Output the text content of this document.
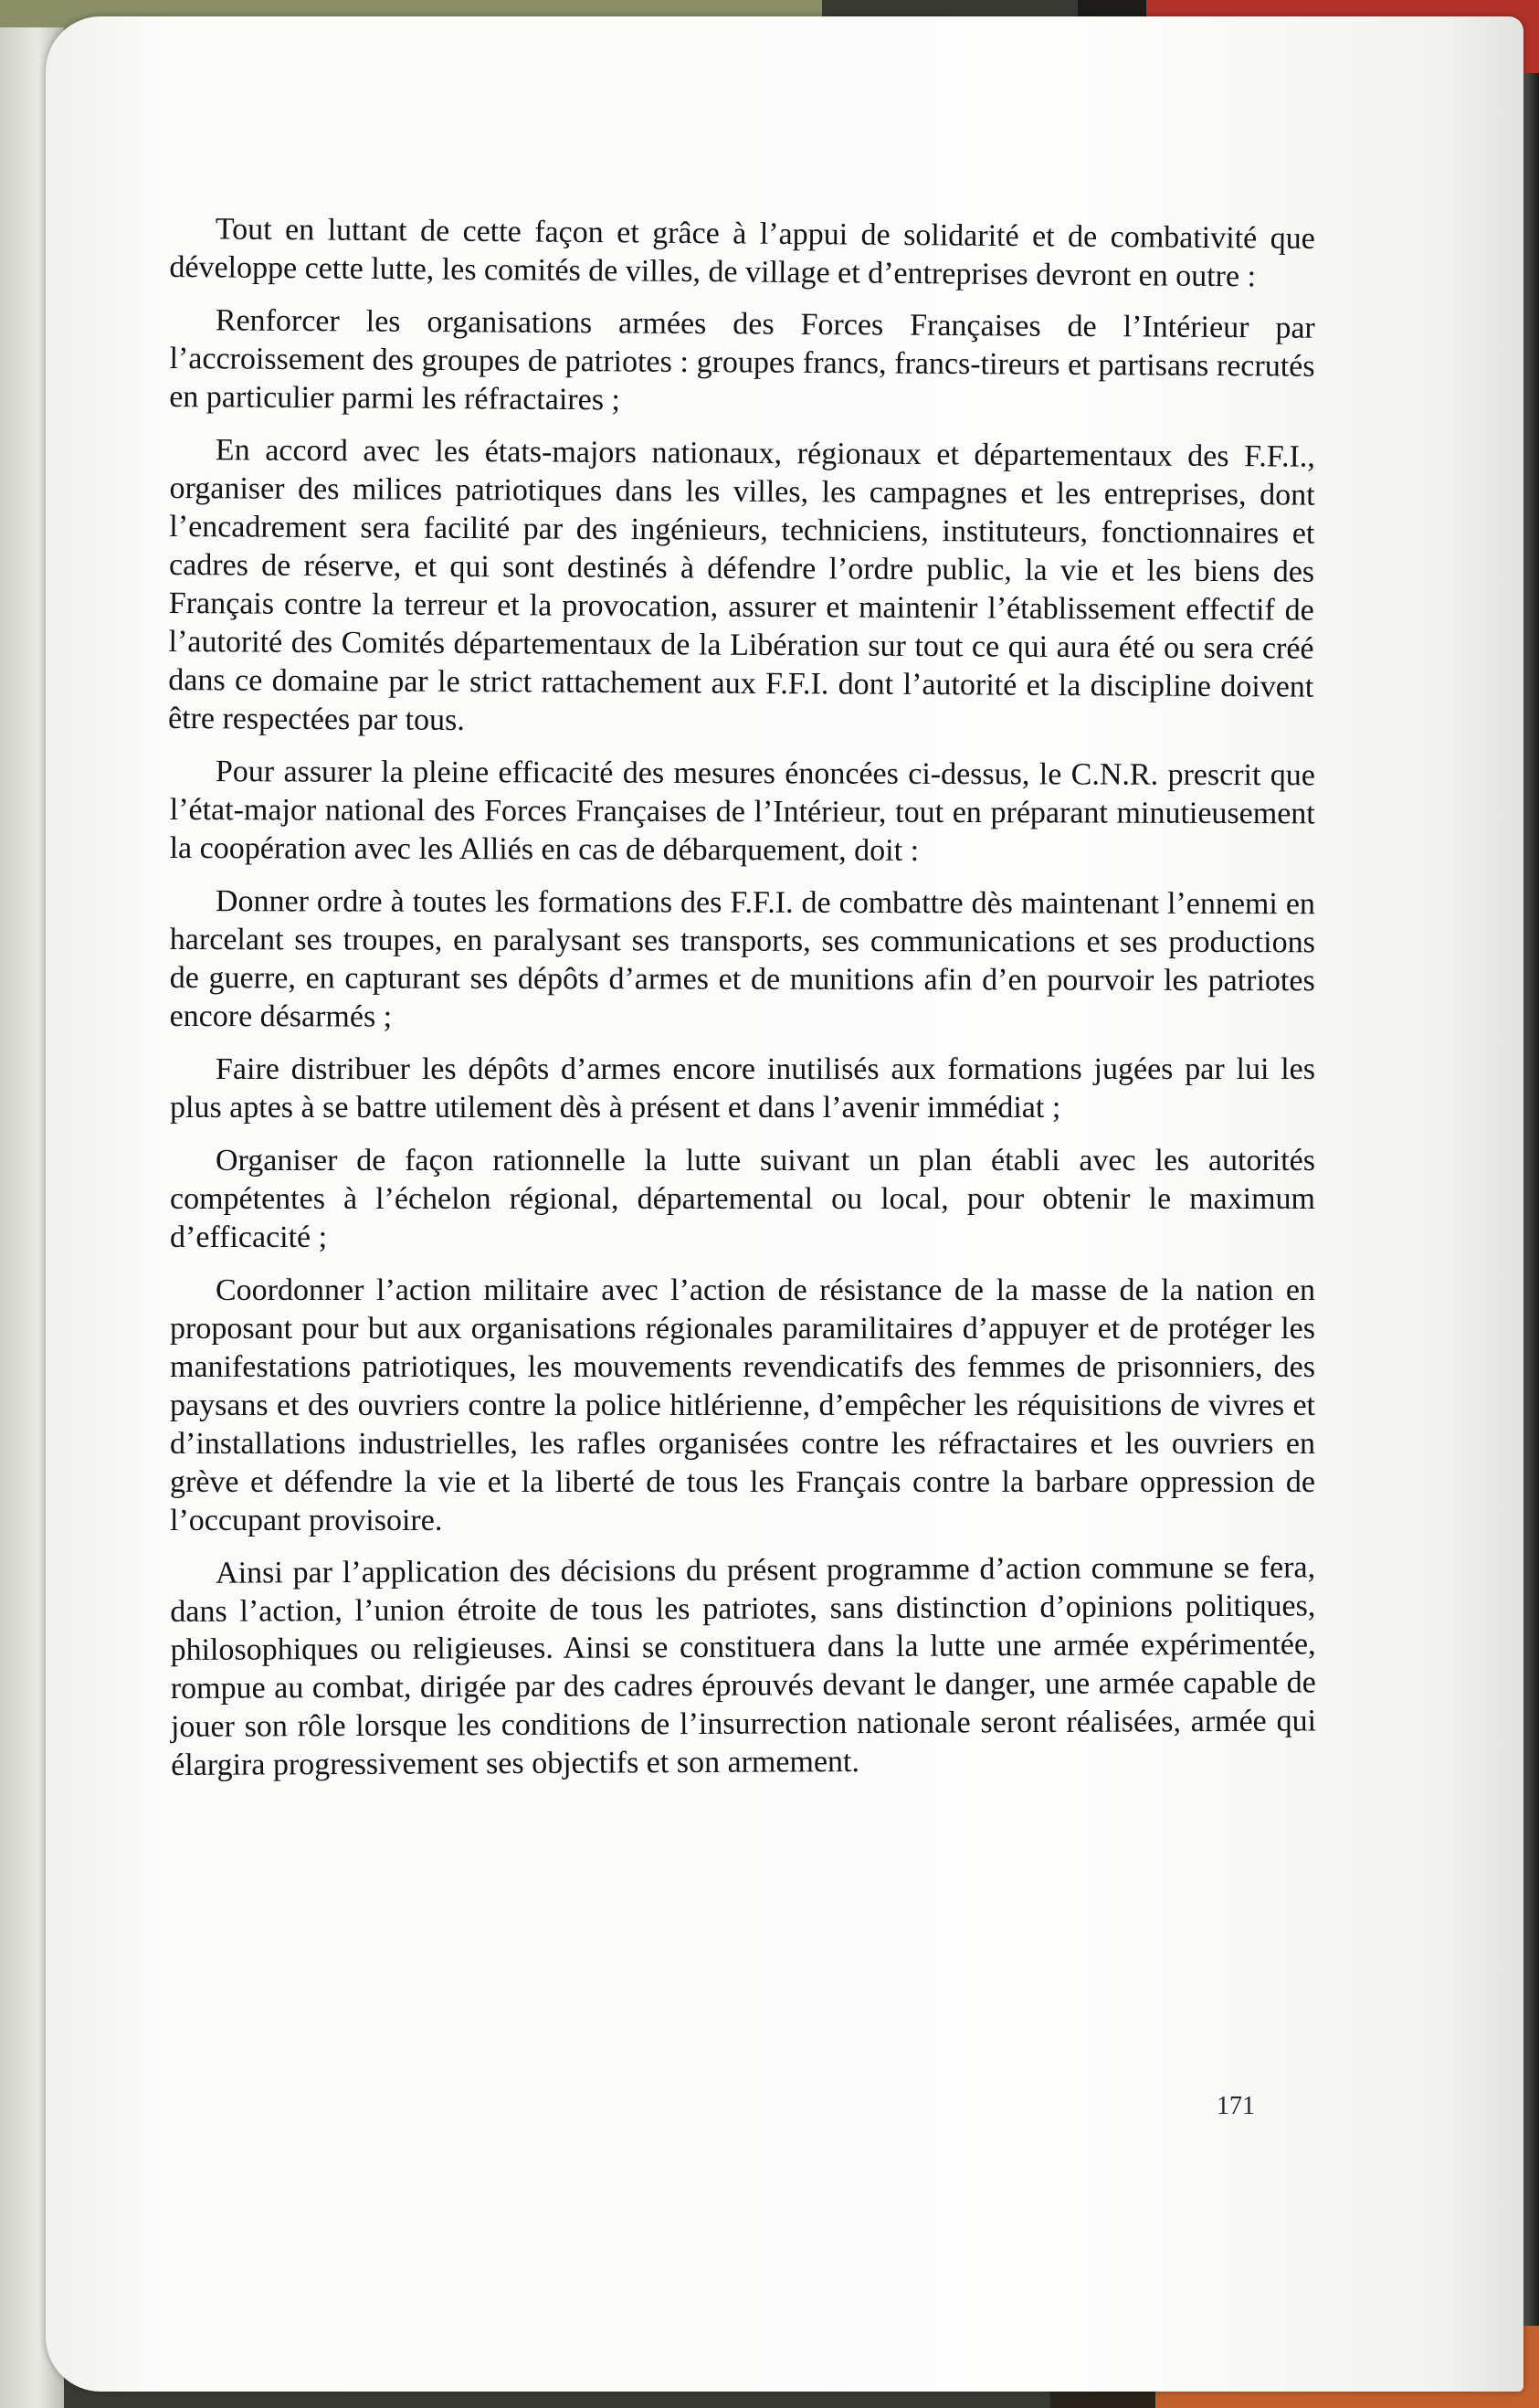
Tout en luttant de cette façon et grâce à l’appui de solidarité et de combativité que développe cette lutte, les comités de villes, de village et d’entreprises devront en outre :

Renforcer les organisations armées des Forces Françaises de l’Intérieur par l’accroissement des groupes de patriotes : groupes francs, francs-tireurs et partisans recrutés en particulier parmi les réfractaires ;

En accord avec les états-majors nationaux, régionaux et départementaux des F.F.I., organiser des milices patriotiques dans les villes, les campagnes et les entreprises, dont l’encadrement sera facilité par des ingénieurs, techniciens, instituteurs, fonctionnaires et cadres de réserve, et qui sont destinés à défendre l’ordre public, la vie et les biens des Français contre la terreur et la provocation, assurer et maintenir l’établissement effectif de l’autorité des Comités départementaux de la Libération sur tout ce qui aura été ou sera créé dans ce domaine par le strict rattachement aux F.F.I. dont l’autorité et la discipline doivent être respectées par tous.

Pour assurer la pleine efficacité des mesures énoncées ci-dessus, le C.N.R. prescrit que l’état-major national des Forces Françaises de l’Intérieur, tout en préparant minutieusement la coopération avec les Alliés en cas de débarquement, doit :

Donner ordre à toutes les formations des F.F.I. de combattre dès maintenant l’ennemi en harcelant ses troupes, en paralysant ses transports, ses communications et ses productions de guerre, en capturant ses dépôts d’armes et de munitions afin d’en pourvoir les patriotes encore désarmés ;

Faire distribuer les dépôts d’armes encore inutilisés aux formations jugées par lui les plus aptes à se battre utilement dès à présent et dans l’avenir immédiat ;

Organiser de façon rationnelle la lutte suivant un plan établi avec les autorités compétentes à l’échelon régional, départemental ou local, pour obtenir le maximum d’efficacité ;

Coordonner l’action militaire avec l’action de résistance de la masse de la nation en proposant pour but aux organisations régionales paramilitaires d’appuyer et de protéger les manifestations patriotiques, les mouvements revendicatifs des femmes de prisonniers, des paysans et des ouvriers contre la police hitlérienne, d’empêcher les réquisitions de vivres et d’installations industrielles, les rafles organisées contre les réfractaires et les ouvriers en grève et défendre la vie et la liberté de tous les Français contre la barbare oppression de l’occupant provisoire.

Ainsi par l’application des décisions du présent programme d’action commune se fera, dans l’action, l’union étroite de tous les patriotes, sans distinction d’opinions politiques, philosophiques ou religieuses. Ainsi se constituera dans la lutte une armée expérimentée, rompue au combat, dirigée par des cadres éprouvés devant le danger, une armée capable de jouer son rôle lorsque les conditions de l’insurrection nationale seront réalisées, armée qui élargira progressivement ses objectifs et son armement.

171
